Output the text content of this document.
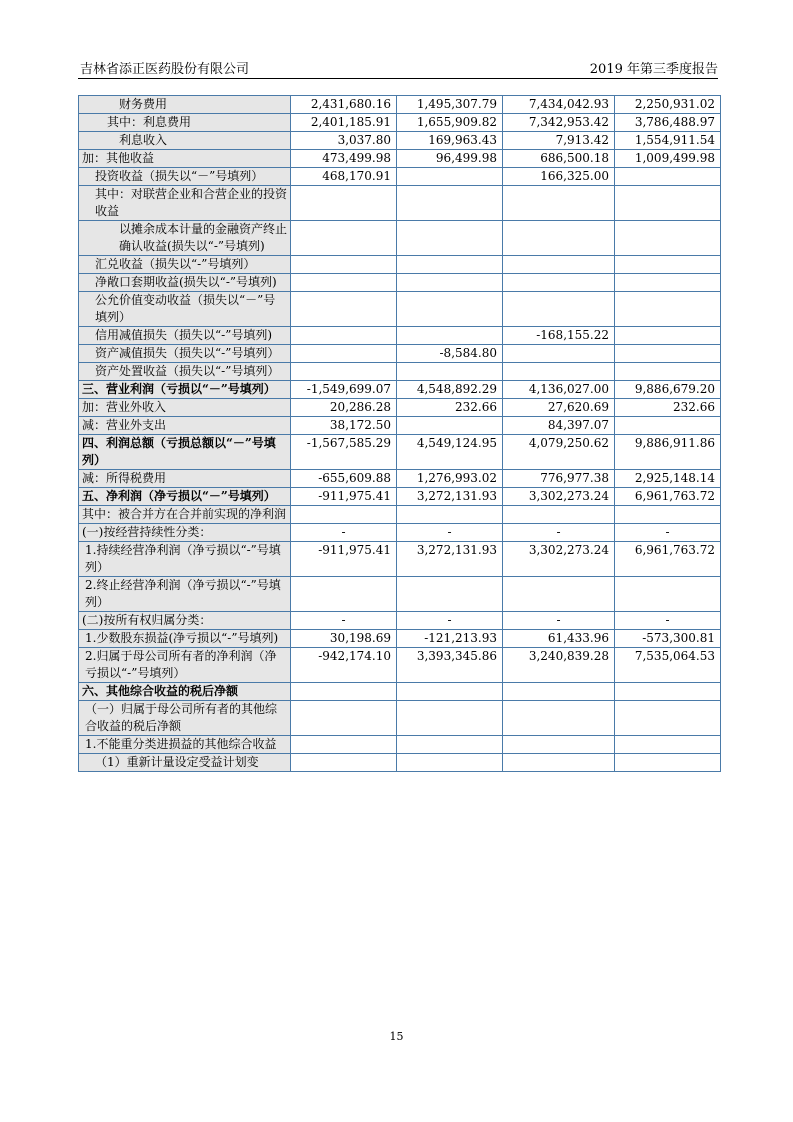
吉林省添正医药股份有限公司	2019 年第三季度报告
财务费用	2,431,680.16	1,495,307.79	7,434,042.93	2,250,931.02
其中：利息费用	2,401,185.91	1,655,909.82	7,342,953.42	3,786,488.97
利息收入	3,037.80	169,963.43	7,913.42	1,554,911.54
加：其他收益	473,499.98	96,499.98	686,500.18	1,009,499.98
投资收益（损失以“－”号填列）	468,170.91		166,325.00	
其中：对联营企业和合营企业的投资收益				
以摊余成本计量的金融资产终止确认收益(损失以“-”号填列)				
汇兑收益（损失以“-”号填列）				
净敞口套期收益(损失以“-”号填列)				
公允价值变动收益（损失以“－”号填列）				
信用减值损失（损失以“-”号填列)			-168,155.22	
资产减值损失（损失以“-”号填列）		-8,584.80		
资产处置收益（损失以“-”号填列）				
三、营业利润（亏损以“－”号填列）	-1,549,699.07	4,548,892.29	4,136,027.00	9,886,679.20
加：营业外收入	20,286.28	232.66	27,620.69	232.66
减：营业外支出	38,172.50		84,397.07	
四、利润总额（亏损总额以“－”号填列）	-1,567,585.29	4,549,124.95	4,079,250.62	9,886,911.86
减：所得税费用	-655,609.88	1,276,993.02	776,977.38	2,925,148.14
五、净利润（净亏损以“－”号填列）	-911,975.41	3,272,131.93	3,302,273.24	6,961,763.72
其中：被合并方在合并前实现的净利润				
(一)按经营持续性分类：	-	-	-	-
1.持续经营净利润（净亏损以“-”号填列）	-911,975.41	3,272,131.93	3,302,273.24	6,961,763.72
2.终止经营净利润（净亏损以“-”号填列）				
(二)按所有权归属分类：	-	-	-	-
1.少数股东损益(净亏损以“-”号填列)	30,198.69	-121,213.93	61,433.96	-573,300.81
2.归属于母公司所有者的净利润（净亏损以“-”号填列）	-942,174.10	3,393,345.86	3,240,839.28	7,535,064.53
六、其他综合收益的税后净额				
（一）归属于母公司所有者的其他综合收益的税后净额				
1.不能重分类进损益的其他综合收益				
（1）重新计量设定受益计划变				
15
